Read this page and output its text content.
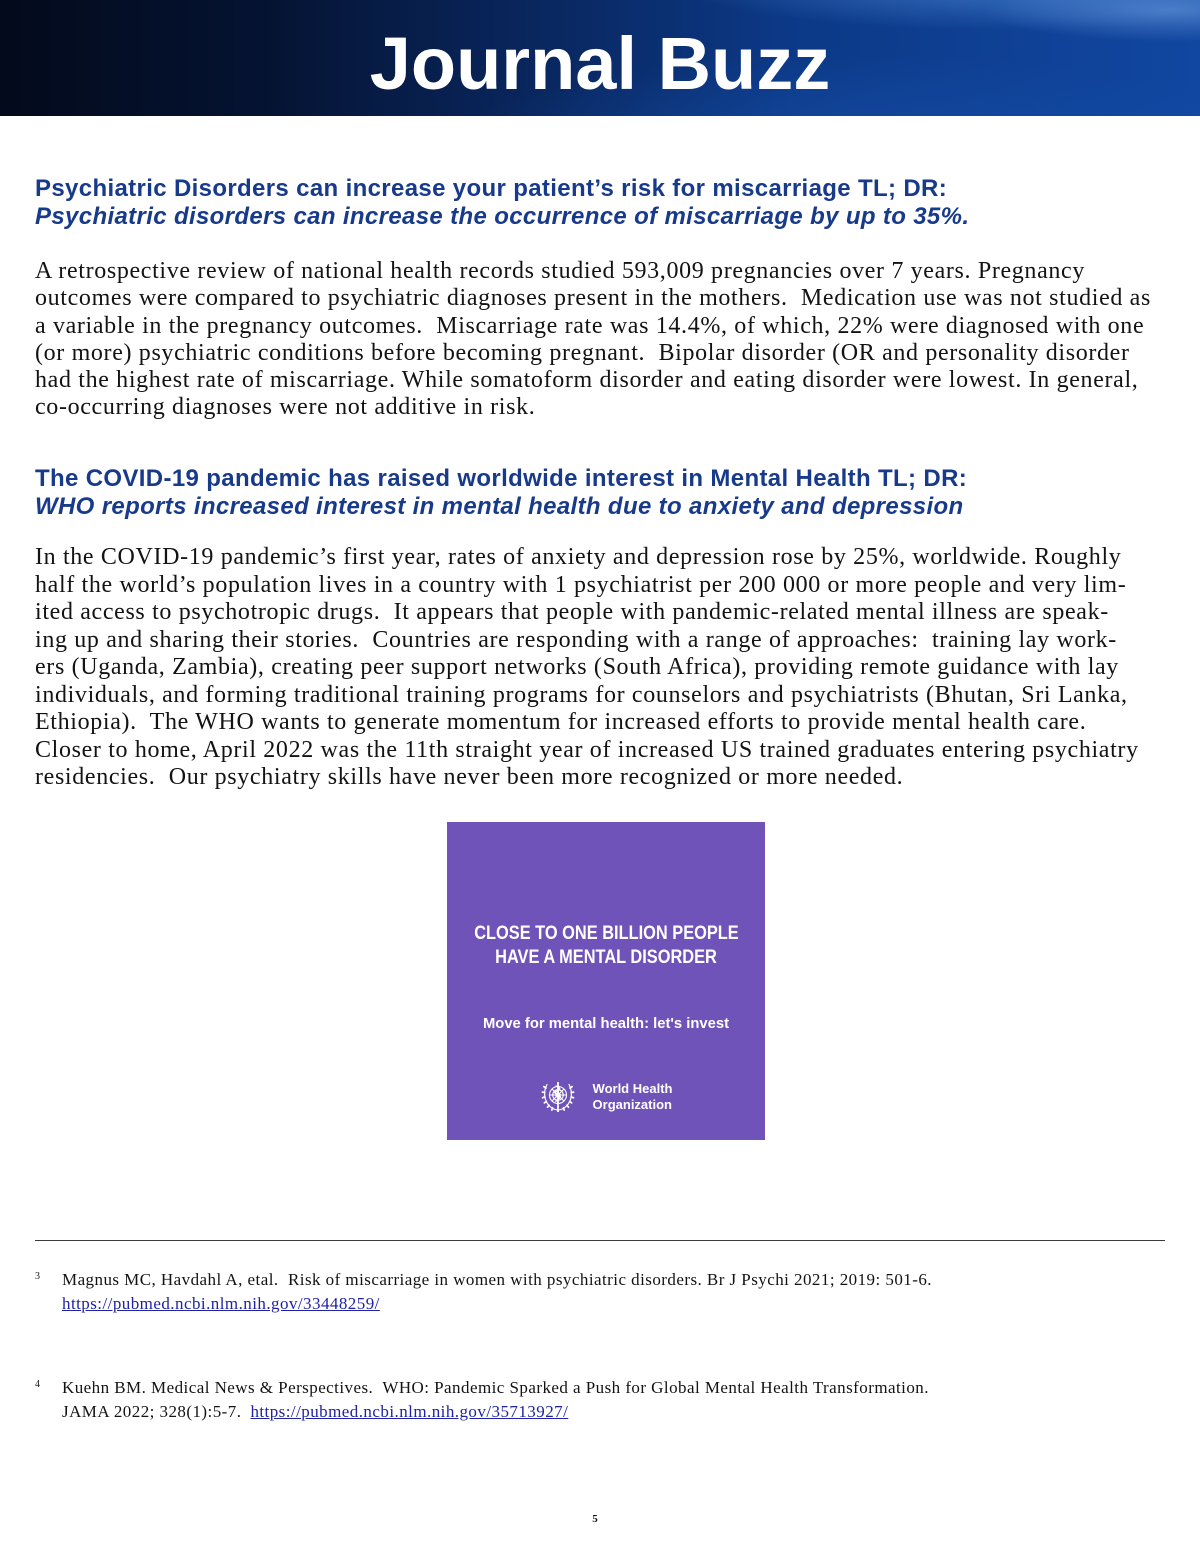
Journal Buzz
Psychiatric Disorders can increase your patient’s risk for miscarriage TL; DR:
Psychiatric disorders can increase the occurrence of miscarriage by up to 35%.
A retrospective review of national health records studied 593,009 pregnancies over 7 years. Pregnancy
outcomes were compared to psychiatric diagnoses present in the mothers.  Medication use was not studied as
a variable in the pregnancy outcomes.  Miscarriage rate was 14.4%, of which, 22% were diagnosed with one
(or more) psychiatric conditions before becoming pregnant.  Bipolar disorder (OR and personality disorder
had the highest rate of miscarriage. While somatoform disorder and eating disorder were lowest. In general,
co-occurring diagnoses were not additive in risk.
The COVID-19 pandemic has raised worldwide interest in Mental Health TL; DR:
WHO reports increased interest in mental health due to anxiety and depression
In the COVID-19 pandemic’s first year, rates of anxiety and depression rose by 25%, worldwide. Roughly
half the world’s population lives in a country with 1 psychiatrist per 200 000 or more people and very lim-
ited access to psychotropic drugs.  It appears that people with pandemic-related mental illness are speak-
ing up and sharing their stories.  Countries are responding with a range of approaches:  training lay work-
ers (Uganda, Zambia), creating peer support networks (South Africa), providing remote guidance with lay
individuals, and forming traditional training programs for counselors and psychiatrists (Bhutan, Sri Lanka,
Ethiopia).  The WHO wants to generate momentum for increased efforts to provide mental health care.
Closer to home, April 2022 was the 11th straight year of increased US trained graduates entering psychiatry
residencies.  Our psychiatry skills have never been more recognized or more needed.
CLOSE TO ONE BILLION PEOPLE
HAVE A MENTAL DISORDER
Move for mental health: let's invest
World Health
Organization
3 Magnus MC, Havdahl A, etal.  Risk of miscarriage in women with psychiatric disorders. Br J Psychi 2021; 2019: 501-6.
https://pubmed.ncbi.nlm.nih.gov/33448259/
4 Kuehn BM. Medical News & Perspectives.  WHO: Pandemic Sparked a Push for Global Mental Health Transformation.
JAMA 2022; 328(1):5-7. https://pubmed.ncbi.nlm.nih.gov/35713927/
5
